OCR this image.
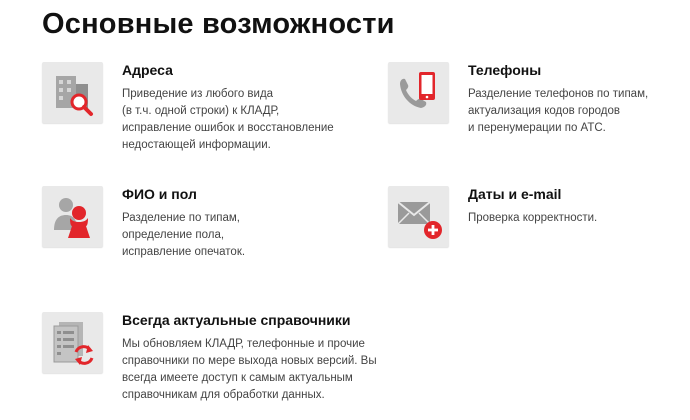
Основные возможности
Адреса

Приведение из любого вида
(в т.ч. одной строки) к КЛАДР,
исправление ошибок и восстановление
недостающей информации.

Телефоны

Разделение телефонов по типам,
актуализация кодов городов
и перенумерации по АТС.

ФИО и пол

Разделение по типам,
определение пола,
исправление опечаток.

Даты и e-mail

Проверка корректности.

Всегда актуальные справочники

Мы обновляем КЛАДР, телефонные и прочие
справочники по мере выхода новых версий. Вы
всегда имеете доступ к самым актуальным
справочникам для обработки данных.
